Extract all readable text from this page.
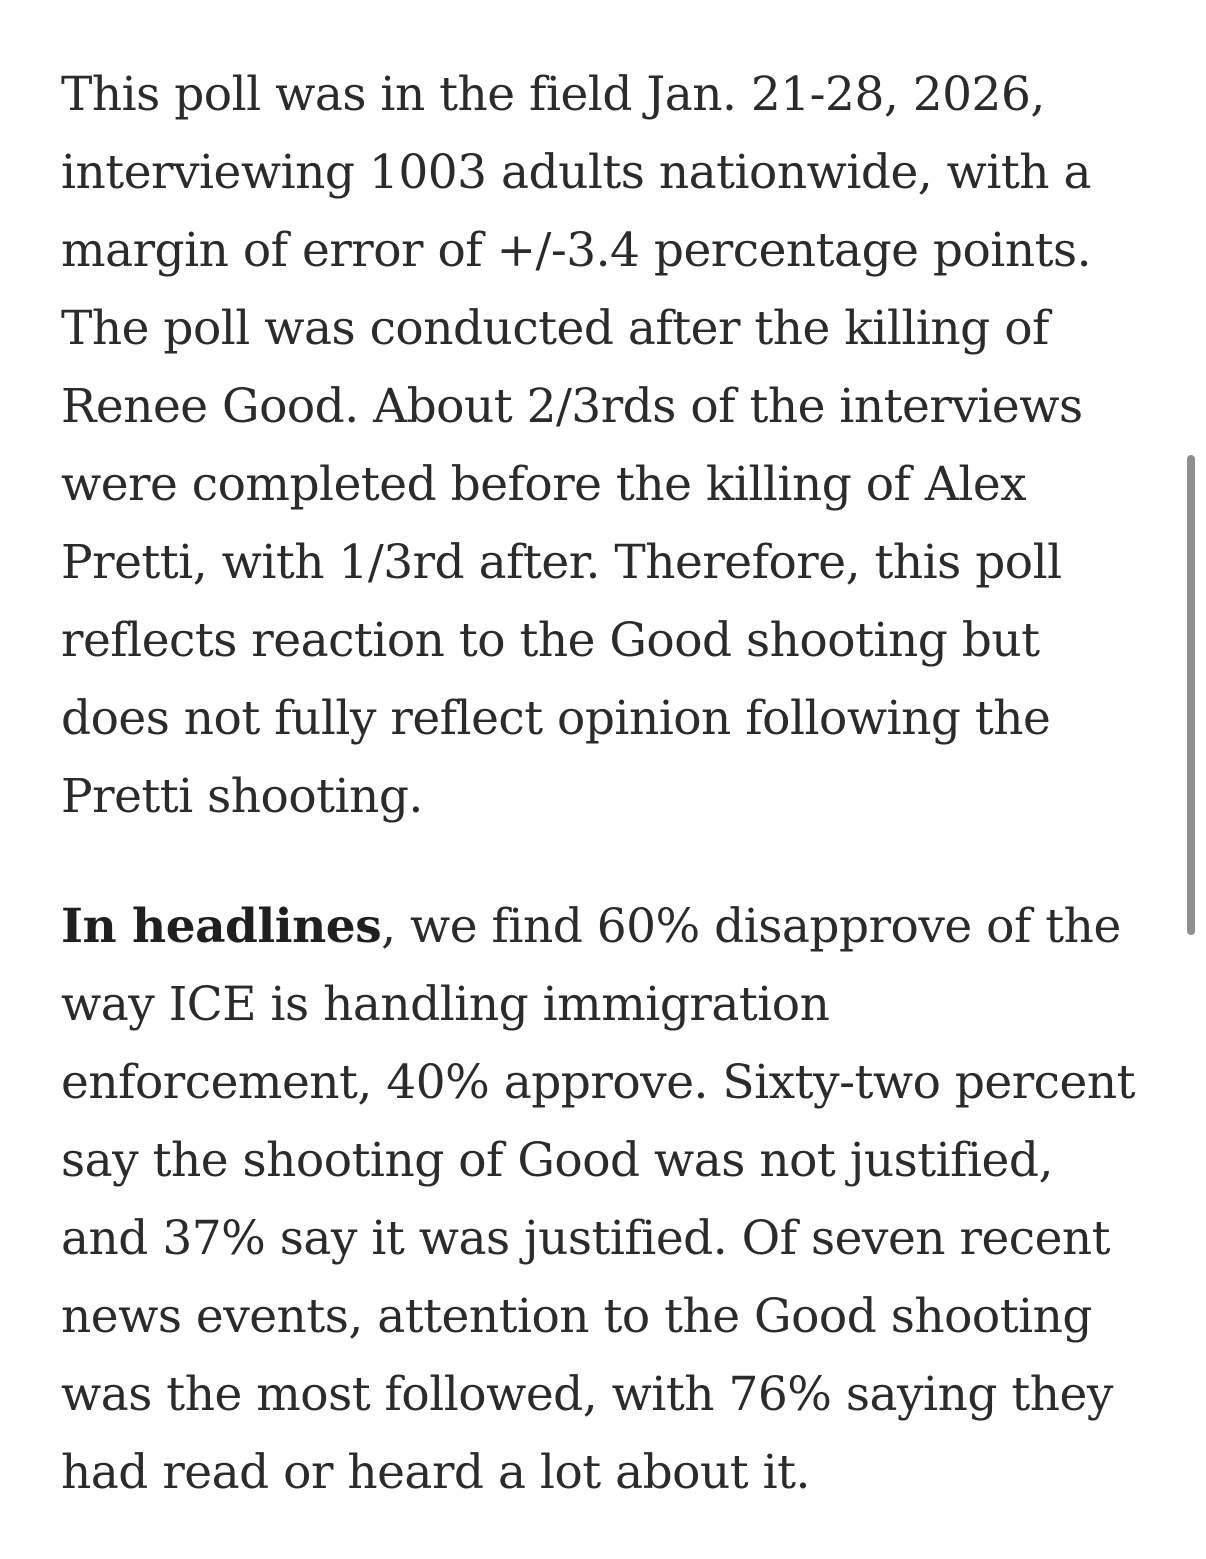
This poll was in the field Jan. 21-28, 2026,
interviewing 1003 adults nationwide, with a
margin of error of +/-3.4 percentage points.
The poll was conducted after the killing of
Renee Good. About 2/3rds of the interviews
were completed before the killing of Alex
Pretti, with 1/3rd after. Therefore, this poll
reflects reaction to the Good shooting but
does not fully reflect opinion following the
Pretti shooting.

In headlines, we find 60% disapprove of the
way ICE is handling immigration
enforcement, 40% approve. Sixty-two percent
say the shooting of Good was not justified,
and 37% say it was justified. Of seven recent
news events, attention to the Good shooting
was the most followed, with 76% saying they
had read or heard a lot about it.
